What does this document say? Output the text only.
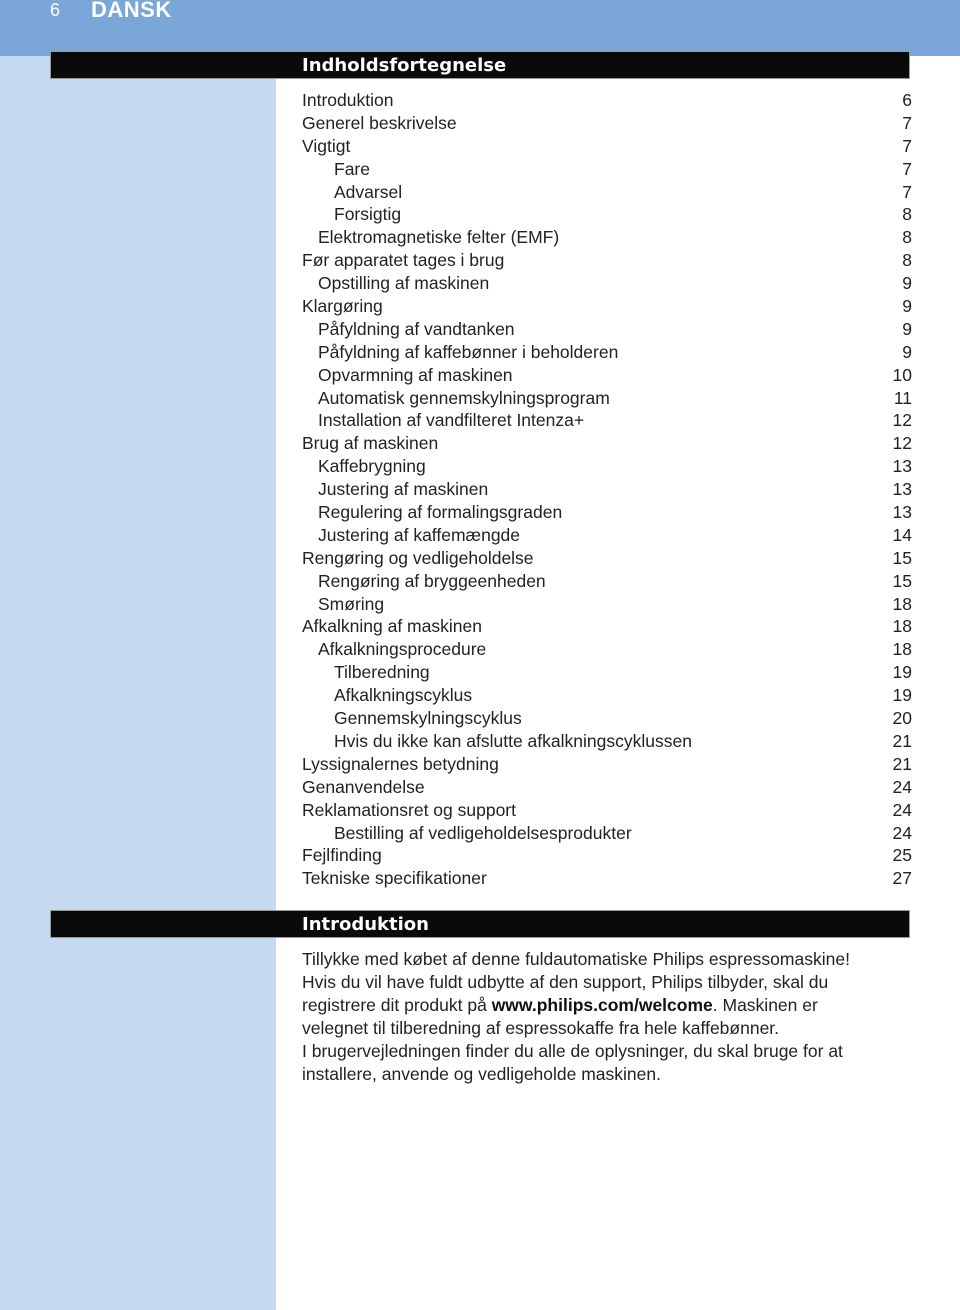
6 DANSK
Indholdsfortegnelse
Introduktion	6
Generel beskrivelse	7
Vigtigt	7
Fare	7
Advarsel	7
Forsigtig	8
Elektromagnetiske felter (EMF)	8
Før apparatet tages i brug	8
Opstilling af maskinen	9
Klargøring	9
Påfyldning af vandtanken	9
Påfyldning af kaffebønner i beholderen	9
Opvarmning af maskinen	10
Automatisk gennemskylningsprogram	11
Installation af vandfilteret Intenza+	12
Brug af maskinen	12
Kaffebrygning	13
Justering af maskinen	13
Regulering af formalingsgraden	13
Justering af kaffemængde	14
Rengøring og vedligeholdelse	15
Rengøring af bryggeenheden	15
Smøring	18
Afkalkning af maskinen	18
Afkalkningsprocedure	18
Tilberedning	19
Afkalkningscyklus	19
Gennemskylningscyklus	20
Hvis du ikke kan afslutte afkalkningscyklussen	21
Lyssignalernes betydning	21
Genanvendelse	24
Reklamationsret og support	24
Bestilling af vedligeholdelsesprodukter	24
Fejlfinding	25
Tekniske specifikationer	27
Introduktion
Tillykke med købet af denne fuldautomatiske Philips espressomaskine! Hvis du vil have fuldt udbytte af den support, Philips tilbyder, skal du registrere dit produkt på www.philips.com/welcome. Maskinen er velegnet til tilberedning af espressokaffe fra hele kaffebønner.
I brugervejledningen finder du alle de oplysninger, du skal bruge for at installere, anvende og vedligeholde maskinen.
